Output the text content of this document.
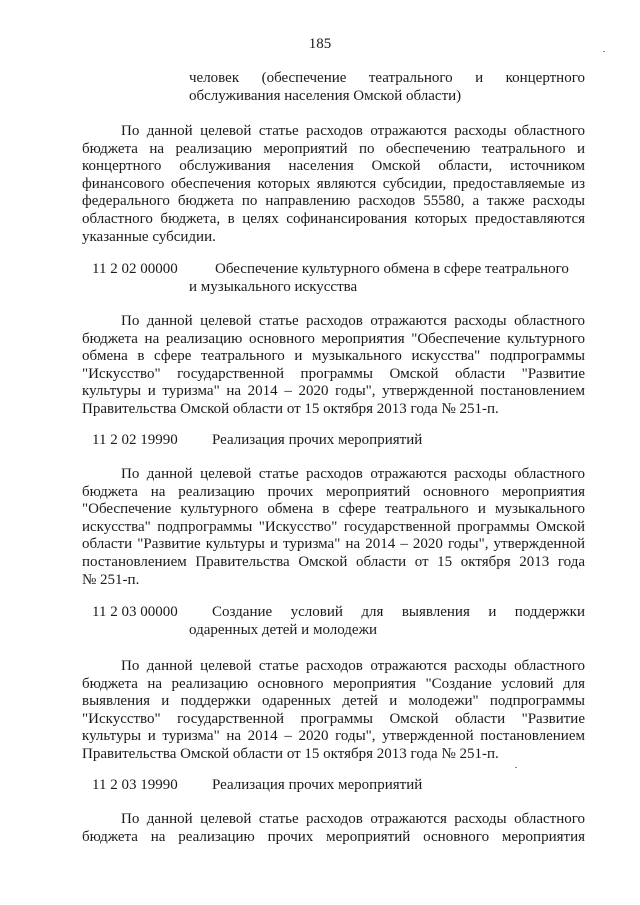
185
человек (обеспечение театрального и концертного
обслуживания населения Омской области)
По данной целевой статье расходов отражаются расходы областного
бюджета на реализацию мероприятий по обеспечению театрального и
концертного обслуживания населения Омской области, источником
финансового обеспечения которых являются субсидии, предоставляемые из
федерального бюджета по направлению расходов 55580, а также расходы
областного бюджета, в целях софинансирования которых предоставляются
указанные субсидии.
11 2 02 00000	Обеспечение культурного обмена в сфере театрального
и музыкального искусства
По данной целевой статье расходов отражаются расходы областного
бюджета на реализацию основного мероприятия "Обеспечение культурного
обмена в сфере театрального и музыкального искусства" подпрограммы
"Искусство" государственной программы Омской области "Развитие
культуры и туризма" на 2014 – 2020 годы", утвержденной постановлением
Правительства Омской области от 15 октября 2013 года № 251-п.
11 2 02 19990 Реализация прочих мероприятий
По данной целевой статье расходов отражаются расходы областного
бюджета на реализацию прочих мероприятий основного мероприятия
"Обеспечение культурного обмена в сфере театрального и музыкального
искусства" подпрограммы "Искусство" государственной программы Омской
области "Развитие культуры и туризма" на 2014 – 2020 годы", утвержденной
постановлением Правительства Омской области от 15 октября 2013 года
№ 251-п.
11 2 03 00000	Создание условий для выявления и поддержки
одаренных детей и молодежи
По данной целевой статье расходов отражаются расходы областного
бюджета на реализацию основного мероприятия "Создание условий для
выявления и поддержки одаренных детей и молодежи" подпрограммы
"Искусство" государственной программы Омской области "Развитие
культуры и туризма" на 2014 – 2020 годы", утвержденной постановлением
Правительства Омской области от 15 октября 2013 года № 251-п.
11 2 03 19990 Реализация прочих мероприятий
По данной целевой статье расходов отражаются расходы областного
бюджета на реализацию прочих мероприятий основного мероприятия
